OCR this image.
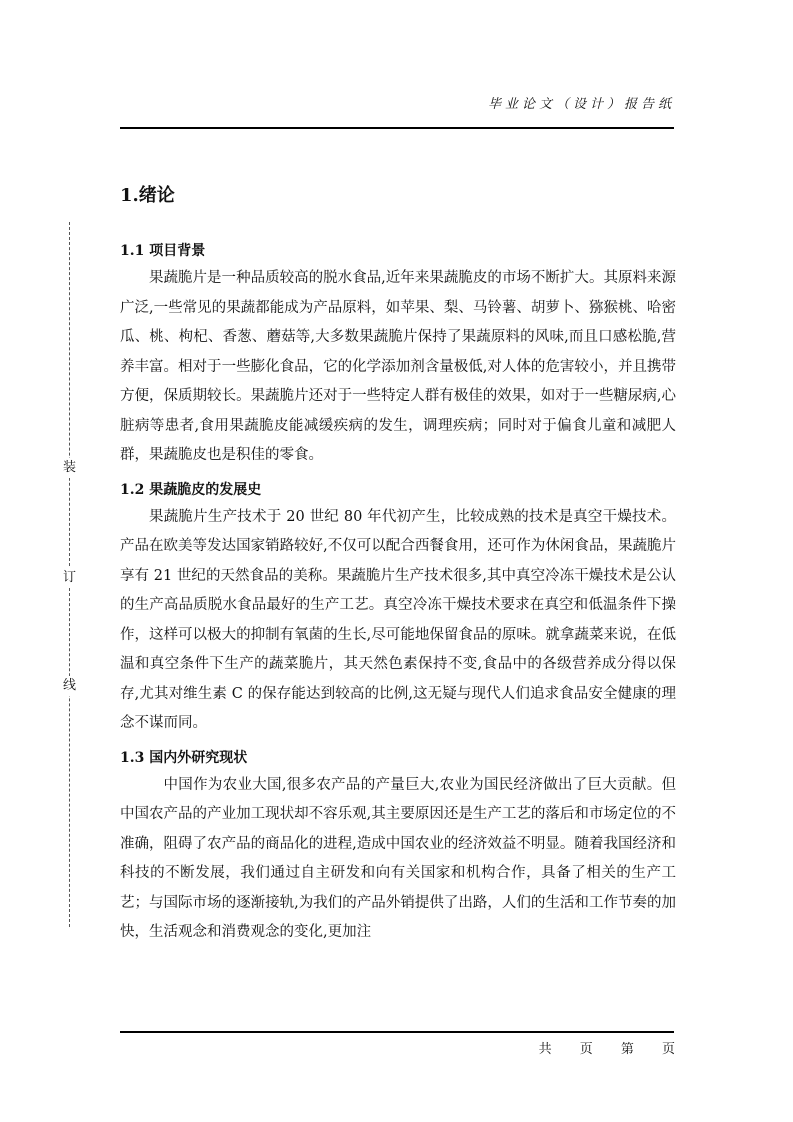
毕业论文（设计）报告纸
装
订
线
1.绪论
1.1 项目背景

果蔬脆片是一种品质较高的脱水食品,近年来果蔬脆皮的市场不断扩大。其原料来源广泛,一些常见的果蔬都能成为产品原料，如苹果、梨、马铃薯、胡萝卜、猕猴桃、哈密瓜、桃、枸杞、香葱、蘑菇等,大多数果蔬脆片保持了果蔬原料的风味,而且口感松脆,营养丰富。相对于一些膨化食品，它的化学添加剂含量极低,对人体的危害较小，并且携带方便，保质期较长。果蔬脆片还对于一些特定人群有极佳的效果，如对于一些糖尿病,心脏病等患者,食用果蔬脆皮能减缓疾病的发生，调理疾病；同时对于偏食儿童和减肥人群，果蔬脆皮也是积佳的零食。

1.2 果蔬脆皮的发展史

果蔬脆片生产技术于 20 世纪 80 年代初产生，比较成熟的技术是真空干燥技术。产品在欧美等发达国家销路较好,不仅可以配合西餐食用，还可作为休闲食品，果蔬脆片享有 21 世纪的天然食品的美称。果蔬脆片生产技术很多,其中真空冷冻干燥技术是公认的生产高品质脱水食品最好的生产工艺。真空冷冻干燥技术要求在真空和低温条件下操作，这样可以极大的抑制有氧菌的生长,尽可能地保留食品的原味。就拿蔬菜来说，在低温和真空条件下生产的蔬菜脆片，其天然色素保持不变,食品中的各级营养成分得以保存,尤其对维生素 C 的保存能达到较高的比例,这无疑与现代人们追求食品安全健康的理念不谋而同。

1.3 国内外研究现状

中国作为农业大国,很多农产品的产量巨大,农业为国民经济做出了巨大贡献。但中国农产品的产业加工现状却不容乐观,其主要原因还是生产工艺的落后和市场定位的不准确，阻碍了农产品的商品化的进程,造成中国农业的经济效益不明显。随着我国经济和科技的不断发展，我们通过自主研发和向有关国家和机构合作，具备了相关的生产工艺；与国际市场的逐渐接轨,为我们的产品外销提供了出路，人们的生活和工作节奏的加快，生活观念和消费观念的变化,更加注

共 页 第 页
